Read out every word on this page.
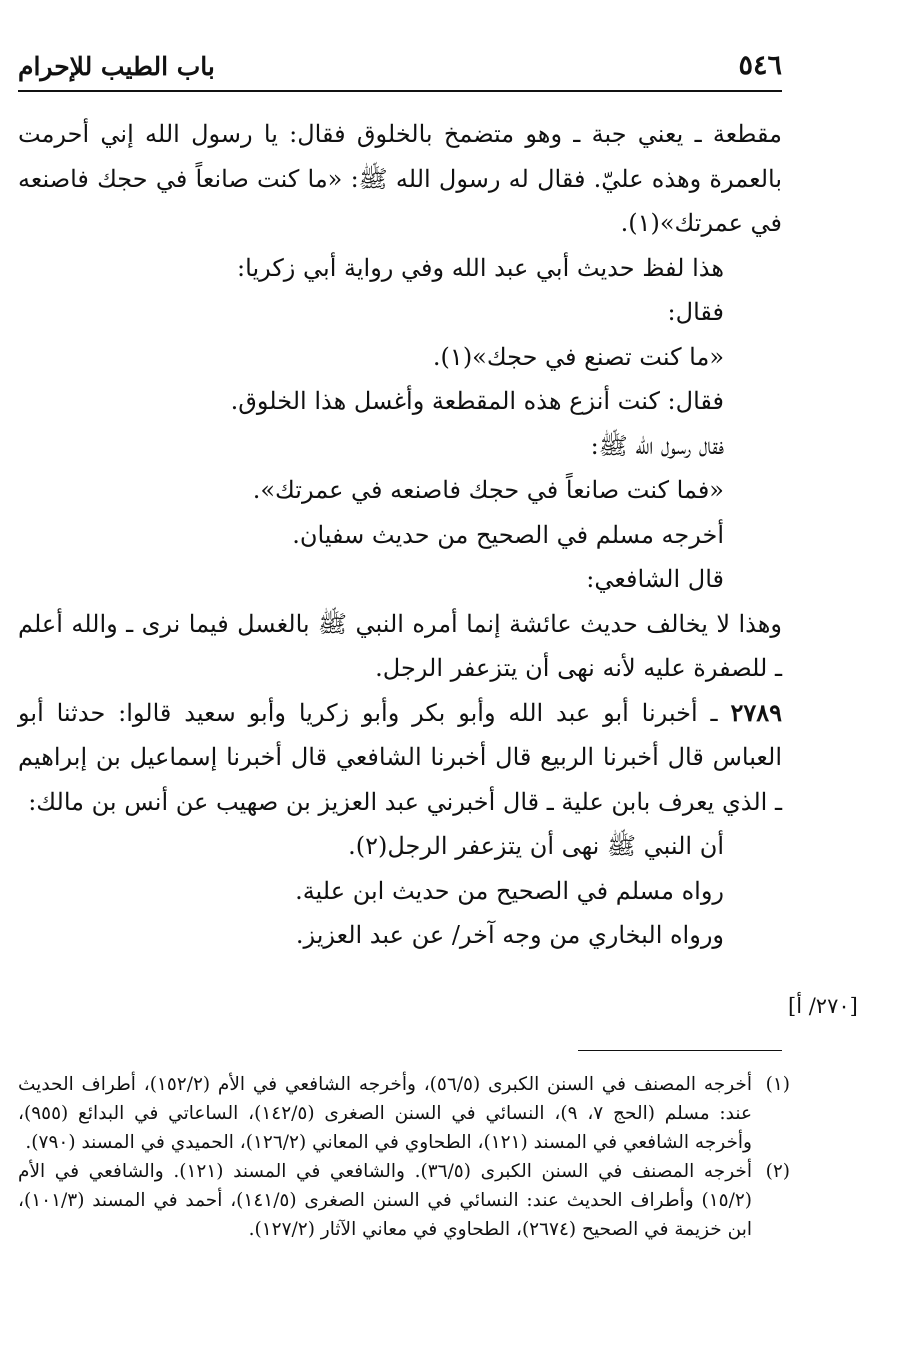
٥٤٦
باب الطيب للإحرام

مقطعة ـ يعني جبة ـ وهو متضمخ بالخلوق فقال: يا رسول الله إني أحرمت بالعمرة وهذه عليّ. فقال له رسول الله ﷺ: «ما كنت صانعاً في حجك فاصنعه في عمرتك»(١).

هذا لفظ حديث أبي عبد الله وفي رواية أبي زكريا:

فقال:

«ما كنت تصنع في حجك»(١).

فقال: كنت أنزع هذه المقطعة وأغسل هذا الخلوق.

فقال رسول الله ﷺ:

«فما كنت صانعاً في حجك فاصنعه في عمرتك».

أخرجه مسلم في الصحيح من حديث سفيان.

قال الشافعي:

وهذا لا يخالف حديث عائشة إنما أمره النبي ﷺ بالغسل فيما نرى ـ والله أعلم ـ للصفرة عليه لأنه نهى أن يتزعفر الرجل.

٢٧٨٩ ـ أخبرنا أبو عبد الله وأبو بكر وأبو زكريا وأبو سعيد قالوا: حدثنا أبو العباس قال أخبرنا الربيع قال أخبرنا الشافعي قال أخبرنا إسماعيل بن إبراهيم ـ الذي يعرف بابن علية ـ قال أخبرني عبد العزيز بن صهيب عن أنس بن مالك:

أن النبي ﷺ نهى أن يتزعفر الرجل(٢).

رواه مسلم في الصحيح من حديث ابن علية.

ورواه البخاري من وجه آخر/ عن عبد العزيز.

[٢٧٠/ أ]
(١)
أخرجه المصنف في السنن الكبرى (٥٦/٥)، وأخرجه الشافعي في الأم (١٥٢/٢)، أطراف الحديث عند: مسلم (الحج ٧، ٩)، النسائي في السنن الصغرى (١٤٢/٥)، الساعاتي في البدائع (٩٥٥)، وأخرجه الشافعي في المسند (١٢١)، الطحاوي في المعاني (١٢٦/٢)، الحميدي في المسند (٧٩٠).
(٢)
أخرجه المصنف في السنن الكبرى (٣٦/٥). والشافعي في المسند (١٢١). والشافعي في الأم (١٥/٢) وأطراف الحديث عند: النسائي في السنن الصغرى (١٤١/٥)، أحمد في المسند (١٠١/٣)، ابن خزيمة في الصحيح (٢٦٧٤)، الطحاوي في معاني الآثار (١٢٧/٢).
